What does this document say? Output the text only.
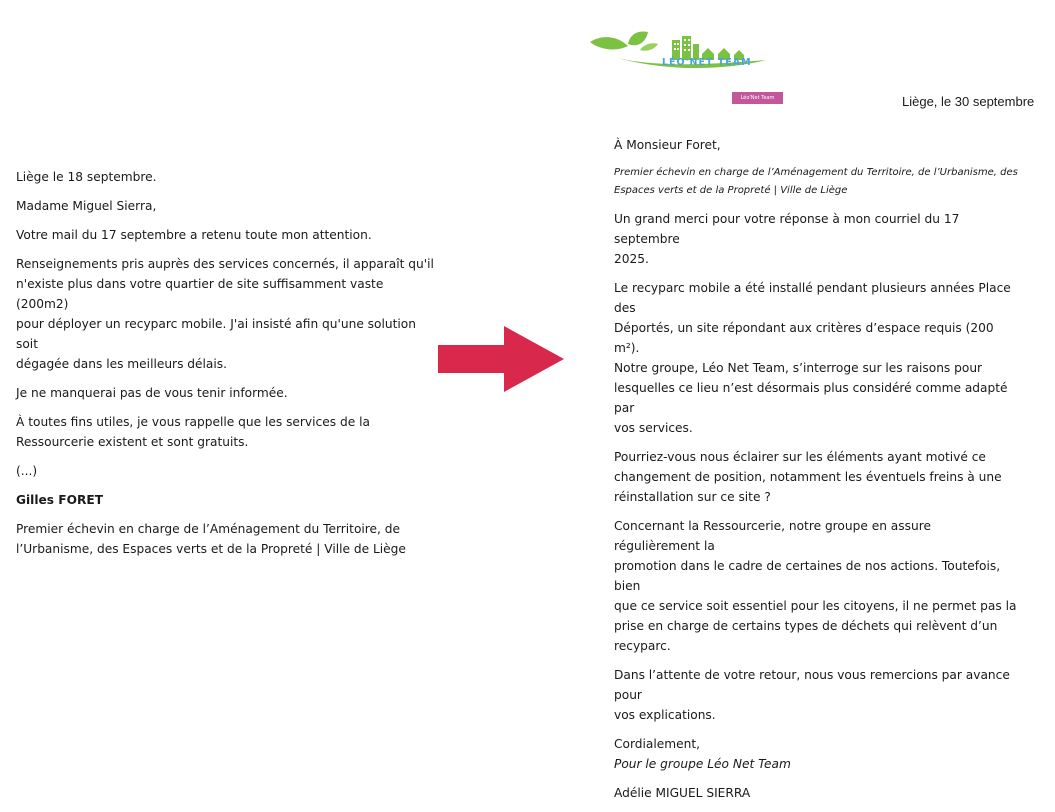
Liège le 18 septembre.

Madame Miguel Sierra,

Votre mail du 17 septembre a retenu toute mon attention.

Renseignements pris auprès des services concernés, il apparaît qu'il
n'existe plus dans votre quartier de site suffisamment vaste (200m2)
pour déployer un recyparc mobile. J'ai insisté afin qu'une solution soit
dégagée dans les meilleurs délais.

Je ne manquerai pas de vous tenir informée.

À toutes fins utiles, je vous rappelle que les services de la
Ressourcerie existent et sont gratuits.

(...)

Gilles FORET

Premier échevin en charge de l’Aménagement du Territoire, de
l’Urbanisme, des Espaces verts et de la Propreté | Ville de Liège

LÉO'NET TEAM
Léo'Net Team	Liège, le 30 septembre

À Monsieur Foret,

Premier échevin en charge de l’Aménagement du Territoire, de l’Urbanisme, des
Espaces verts et de la Propreté | Ville de Liège

Un grand merci pour votre réponse à mon courriel du 17 septembre
2025.

Le recyparc mobile a été installé pendant plusieurs années Place des
Déportés, un site répondant aux critères d’espace requis (200 m²).
Notre groupe, Léo Net Team, s’interroge sur les raisons pour
lesquelles ce lieu n’est désormais plus considéré comme adapté par
vos services.

Pourriez-vous nous éclairer sur les éléments ayant motivé ce
changement de position, notamment les éventuels freins à une
réinstallation sur ce site ?

Concernant la Ressourcerie, notre groupe en assure régulièrement la
promotion dans le cadre de certaines de nos actions. Toutefois, bien
que ce service soit essentiel pour les citoyens, il ne permet pas la
prise en charge de certains types de déchets qui relèvent d’un
recyparc.

Dans l’attente de votre retour, nous vous remercions par avance pour
vos explications.

Cordialement,
Pour le groupe Léo Net Team

Adélie MIGUEL SIERRA
